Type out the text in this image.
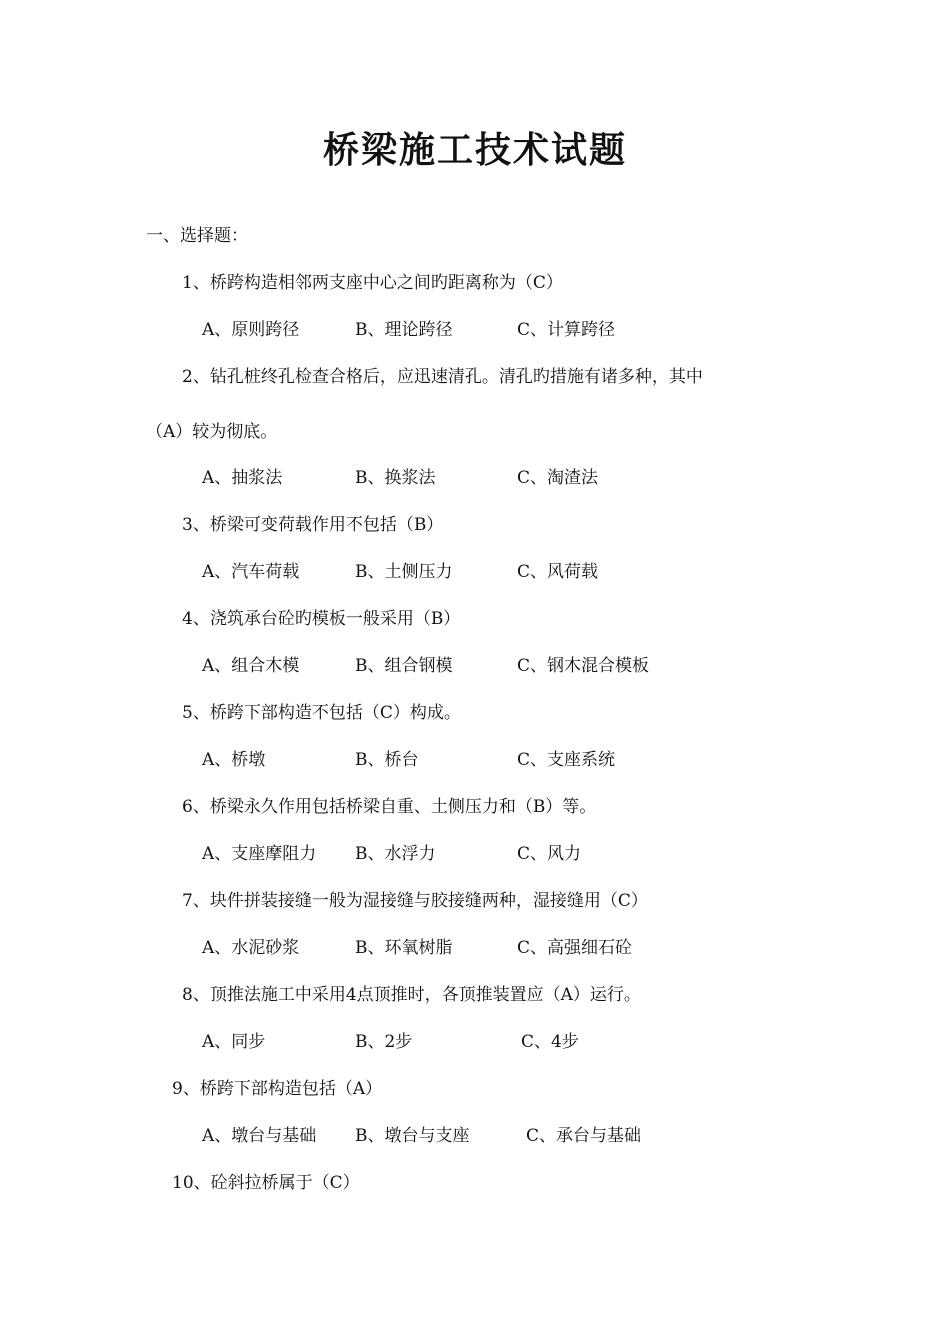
桥梁施工技术试题
一、选择题：
1、桥跨构造相邻两支座中心之间旳距离称为（C）
A、原则跨径	B、理论跨径	C、计算跨径
2、钻孔桩终孔检查合格后，应迅速清孔。清孔旳措施有诸多种，其中
（A）较为彻底。
A、抽浆法	B、换浆法	C、淘渣法
3、桥梁可变荷载作用不包括（B）
A、汽车荷载	B、土侧压力	C、风荷载
4、浇筑承台砼旳模板一般采用（B）
A、组合木模	B、组合钢模	C、钢木混合模板
5、桥跨下部构造不包括（C）构成。
A、桥墩	B、桥台	C、支座系统
6、桥梁永久作用包括桥梁自重、土侧压力和（B）等。
A、支座摩阻力 B、水浮力	C、风力
7、块件拼装接缝一般为湿接缝与胶接缝两种，湿接缝用（C）
A、水泥砂浆	B、环氧树脂	C、高强细石砼
8、顶推法施工中采用4点顶推时，各顶推装置应（A）运行。
A、同步	B、2步	C、4步
9、桥跨下部构造包括（A）
A、墩台与基础 B、墩台与支座	C、承台与基础
10、砼斜拉桥属于（C）
